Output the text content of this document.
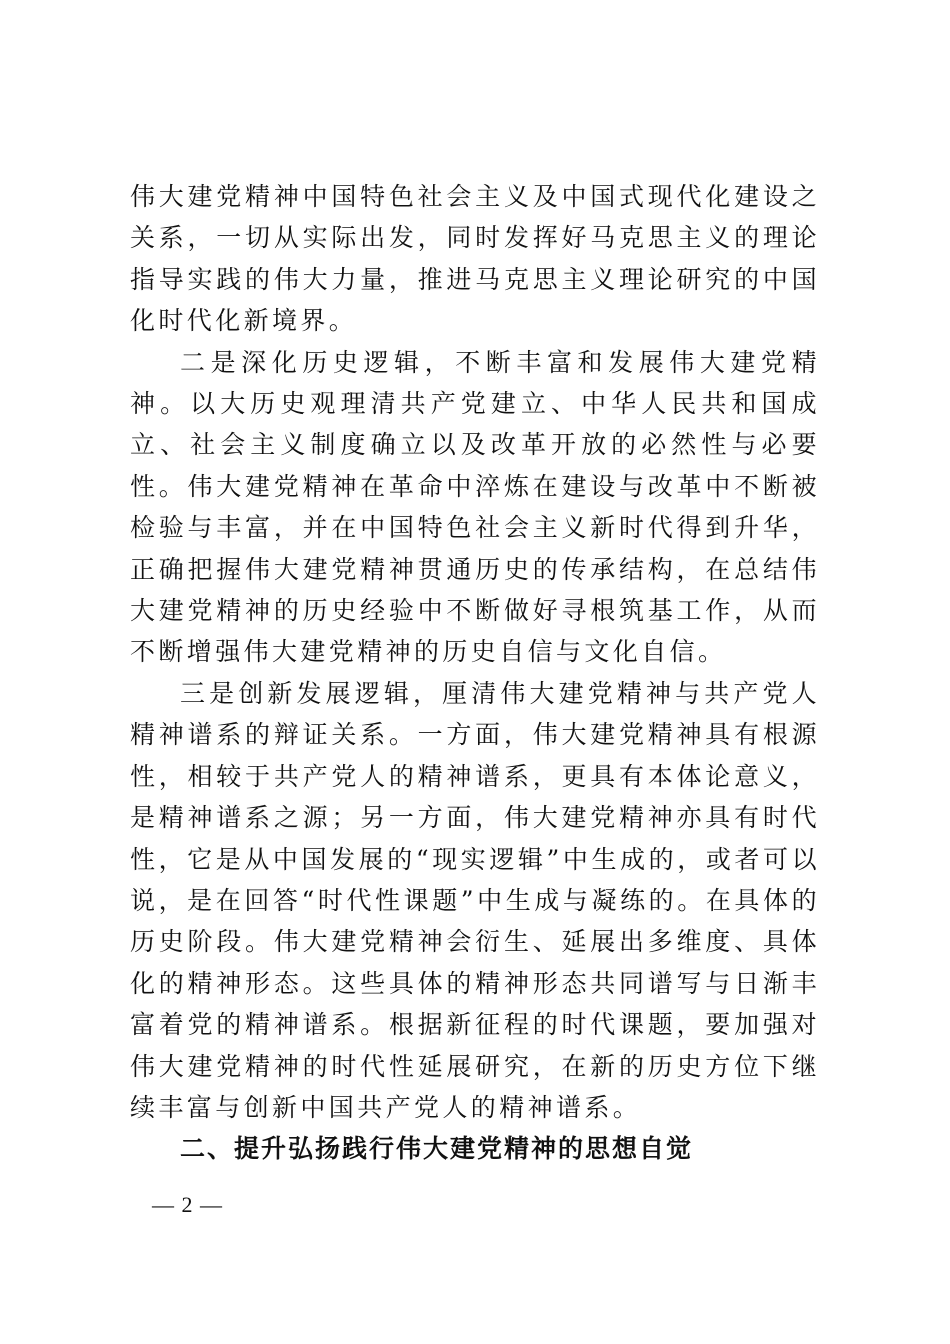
伟大建党精神中国特色社会主义及中国式现代化建设之关系，一切从实际出发，同时发挥好马克思主义的理论指导实践的伟大力量，推进马克思主义理论研究的中国化时代化新境界。

二是深化历史逻辑，不断丰富和发展伟大建党精神。以大历史观理清共产党建立、中华人民共和国成立、社会主义制度确立以及改革开放的必然性与必要性。伟大建党精神在革命中淬炼在建设与改革中不断被检验与丰富，并在中国特色社会主义新时代得到升华，正确把握伟大建党精神贯通历史的传承结构，在总结伟大建党精神的历史经验中不断做好寻根筑基工作，从而不断增强伟大建党精神的历史自信与文化自信。

三是创新发展逻辑，厘清伟大建党精神与共产党人精神谱系的辩证关系。一方面，伟大建党精神具有根源性，相较于共产党人的精神谱系，更具有本体论意义，是精神谱系之源；另一方面，伟大建党精神亦具有时代性，它是从中国发展的“现实逻辑”中生成的，或者可以说，是在回答“时代性课题”中生成与凝练的。在具体的历史阶段。伟大建党精神会衍生、延展出多维度、具体化的精神形态。这些具体的精神形态共同谱写与日渐丰富着党的精神谱系。根据新征程的时代课题，要加强对伟大建党精神的时代性延展研究，在新的历史方位下继续丰富与创新中国共产党人的精神谱系。

二、提升弘扬践行伟大建党精神的思想自觉

— 2 —
